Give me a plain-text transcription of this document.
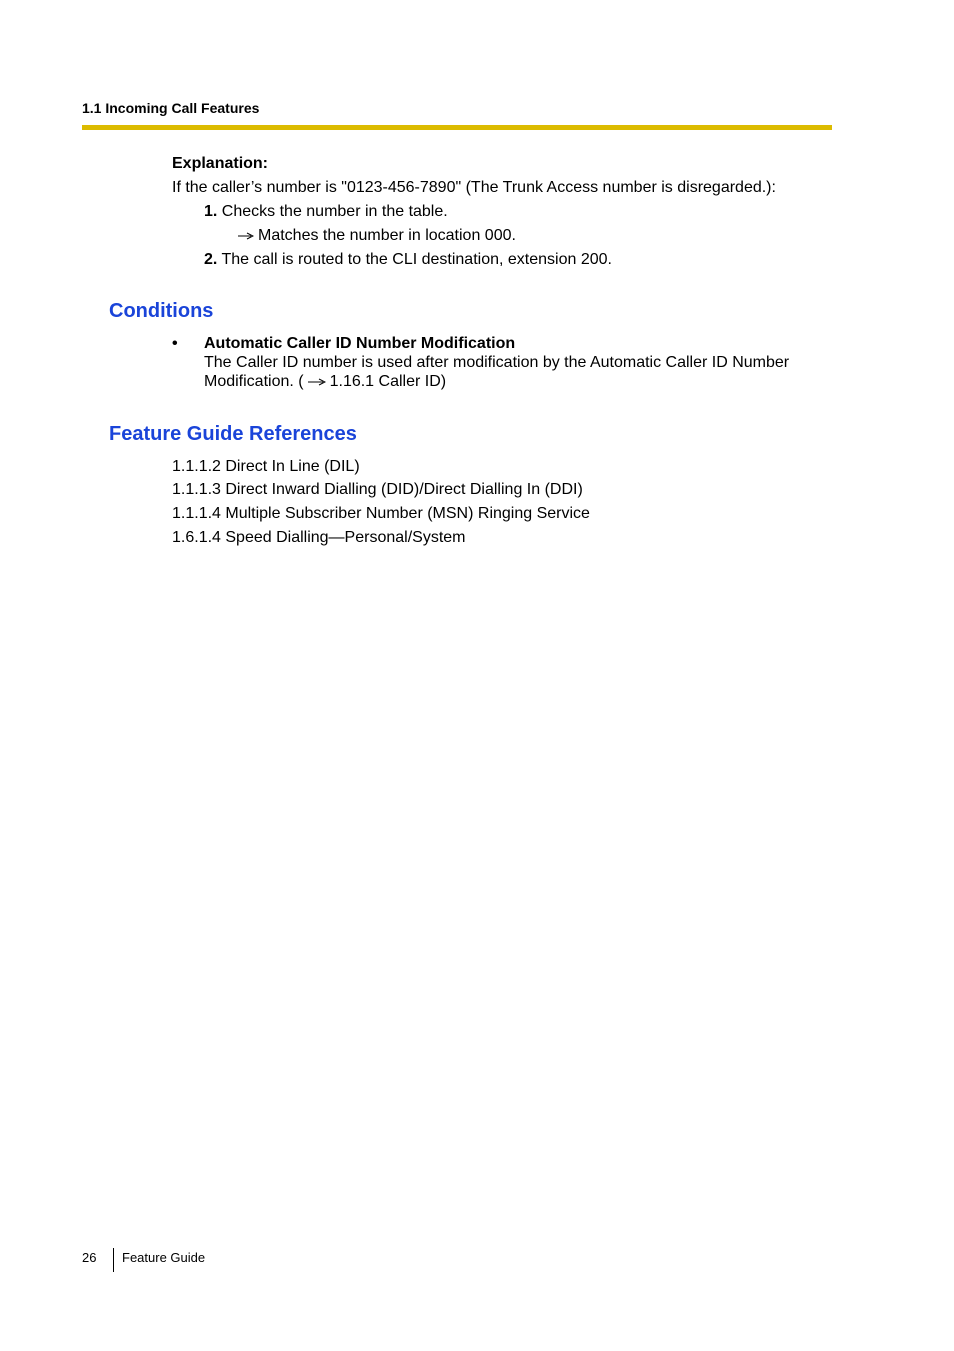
1.1 Incoming Call Features
Explanation:
If the caller’s number is "0123-456-7890" (The Trunk Access number is disregarded.):
1. Checks the number in the table.
Matches the number in location 000.
2. The call is routed to the CLI destination, extension 200.
Conditions
• Automatic Caller ID Number Modification
The Caller ID number is used after modification by the Automatic Caller ID Number
Modification. ( 1.16.1 Caller ID)
Feature Guide References
1.1.1.2 Direct In Line (DIL)
1.1.1.3 Direct Inward Dialling (DID)/Direct Dialling In (DDI)
1.1.1.4 Multiple Subscriber Number (MSN) Ringing Service
1.6.1.4 Speed Dialling—Personal/System
26 Feature Guide
